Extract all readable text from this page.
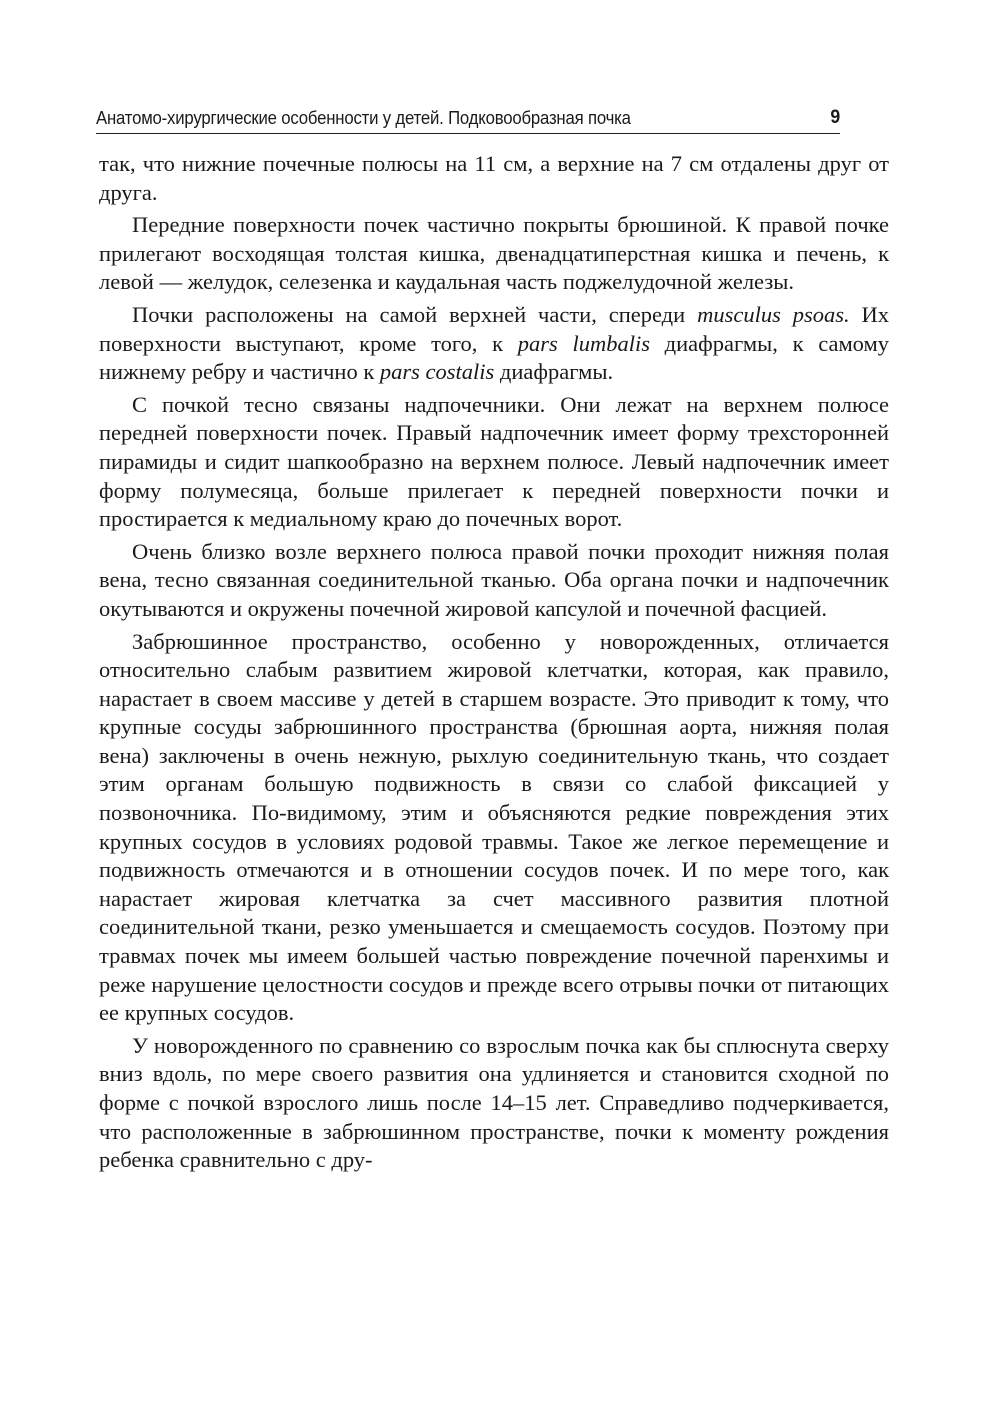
Анатомо-хирургические особенности у детей. Подковообразная почка	9

так, что нижние почечные полюсы на 11 см, а верхние на 7 см отдалены друг от друга.

Передние поверхности почек частично покрыты брюшиной. К правой почке прилегают восходящая толстая кишка, двенадцатиперстная кишка и печень, к левой — желудок, селезенка и каудальная часть поджелудочной железы.

Почки расположены на самой верхней части, спереди musculus psoas. Их поверхности выступают, кроме того, к pars lumbalis диафрагмы, к самому нижнему ребру и частично к pars costalis диафрагмы.

С почкой тесно связаны надпочечники. Они лежат на верхнем полюсе передней поверхности почек. Правый надпочечник имеет форму трехсторонней пирамиды и сидит шапкообразно на верхнем полюсе. Левый надпочечник имеет форму полумесяца, больше прилегает к передней поверхности почки и простирается к медиальному краю до почечных ворот.

Очень близко возле верхнего полюса правой почки проходит нижняя полая вена, тесно связанная соединительной тканью. Оба органа почки и надпочечник окутываются и окружены почечной жировой капсулой и почечной фасцией.

Забрюшинное пространство, особенно у новорожденных, отличается относительно слабым развитием жировой клетчатки, которая, как правило, нарастает в своем массиве у детей в старшем возрасте. Это приводит к тому, что крупные сосуды забрюшинного пространства (брюшная аорта, нижняя полая вена) заключены в очень нежную, рыхлую соединительную ткань, что создает этим органам большую подвижность в связи со слабой фиксацией у позвоночника. По-видимому, этим и объясняются редкие повреждения этих крупных сосудов в условиях родовой травмы. Такое же легкое перемещение и подвижность отмечаются и в отношении сосудов почек. И по мере того, как нарастает жировая клетчатка за счет массивного развития плотной соединительной ткани, резко уменьшается и смещаемость сосудов. Поэтому при травмах почек мы имеем большей частью повреждение почечной паренхимы и реже нарушение целостности сосудов и прежде всего отрывы почки от питающих ее крупных сосудов.

У новорожденного по сравнению со взрослым почка как бы сплюснута сверху вниз вдоль, по мере своего развития она удлиняется и становится сходной по форме с почкой взрослого лишь после 14–15 лет. Справедливо подчеркивается, что расположенные в забрюшинном пространстве, почки к моменту рождения ребенка сравнительно с дру-
